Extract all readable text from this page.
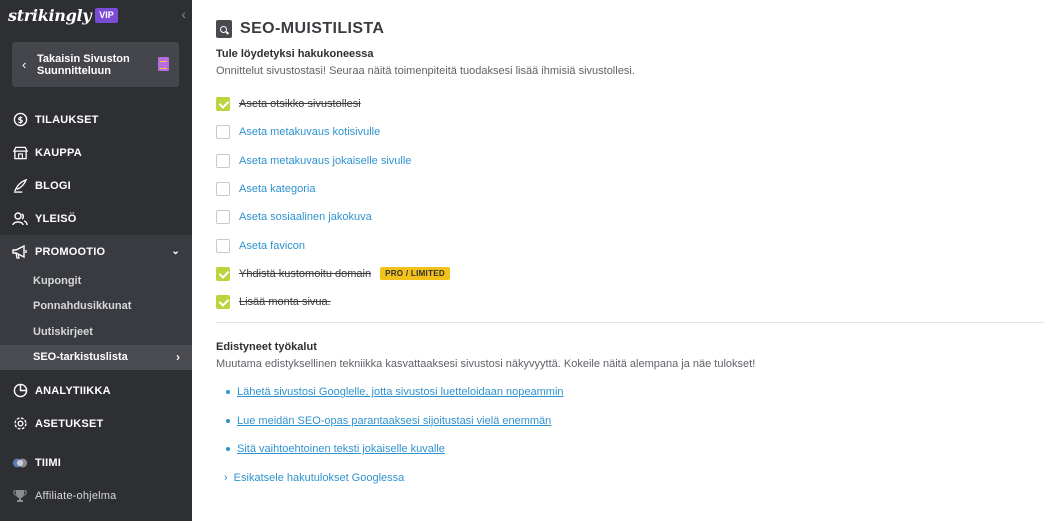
strikingly VIP	‹
‹ Takaisin Sivuston Suunnitteluun
$ TILAUKSET
KAUPPA
BLOGI
YLEISÖ
PROMOOTIO	⌄
Kupongit
Ponnahdusikkunat
Uutiskirjeet
SEO-tarkistuslista	›
ANALYTIIKKA
ASETUKSET
TIIMI
Affiliate-ohjelma
SEO-MUISTILISTA
Tule löydetyksi hakukoneessa
Onnittelut sivustostasi! Seuraa näitä toimenpiteitä tuodaksesi lisää ihmisiä sivustollesi.
Aseta otsikko sivustollesi
Aseta metakuvaus kotisivulle
Aseta metakuvaus jokaiselle sivulle
Aseta kategoria
Aseta sosiaalinen jakokuva
Aseta favicon
Yhdistä kustomoitu domain	PRO / LIMITED
Lisää monta sivua.
Edistyneet työkalut
Muutama edistyksellinen tekniikka kasvattaaksesi sivustosi näkyvyyttä. Kokeile näitä alempana ja näe tulokset!
Lähetä sivustosi Googlelle, jotta sivustosi luetteloidaan nopeammin
Lue meidän SEO-opas parantaaksesi sijoitustasi vielä enemmän
Sitä vaihtoehtoinen teksti jokaiselle kuvalle
› Esikatsele hakutulokset Googlessa
